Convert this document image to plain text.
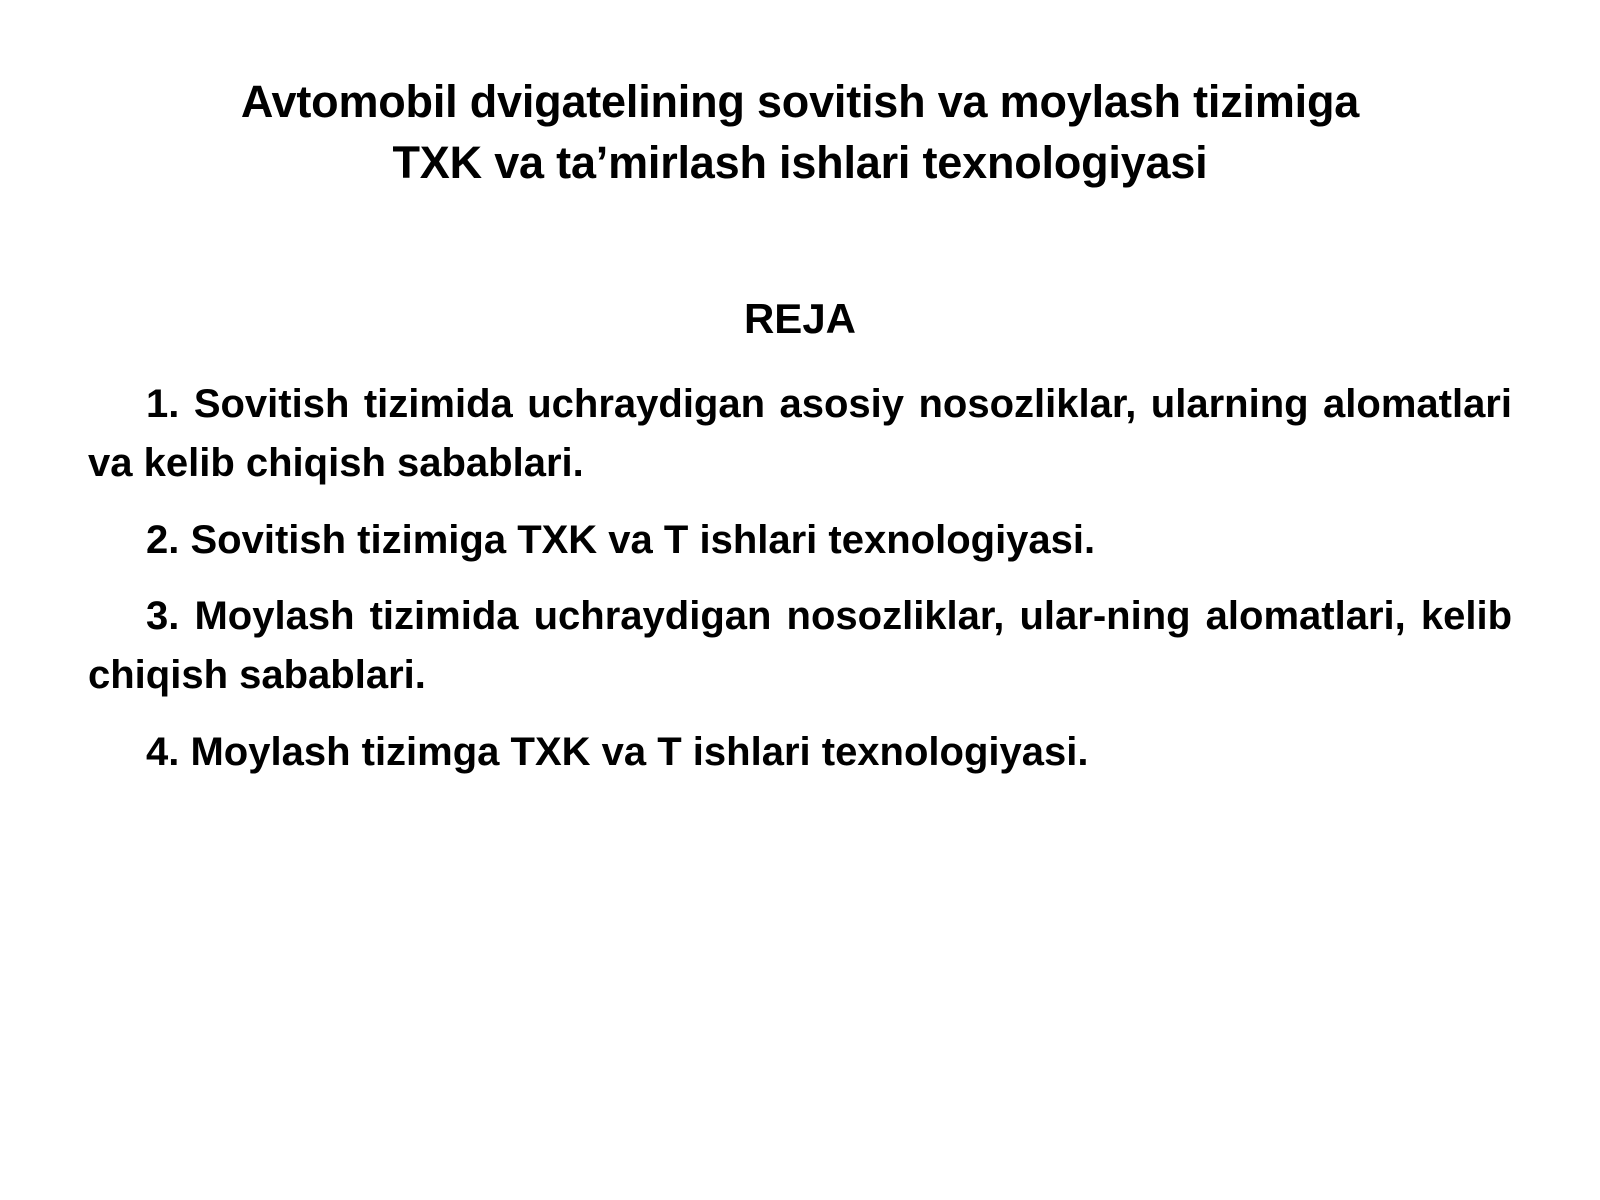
Avtomobil dvigatelining sovitish va moylash tizimiga
TXK va ta’mirlash ishlari texnologiyasi
REJA
1. Sovitish tizimida uchraydigan asosiy nosozliklar, ularning alomatlari va kelib chiqish sabablari.
2. Sovitish tizimiga TXK va T ishlari texnologiyasi.
3. Moylash tizimida uchraydigan nosozliklar, ular-ning alomatlari, kelib chiqish sabablari.
4. Moylash tizimga TXK va T ishlari texnologiyasi.
